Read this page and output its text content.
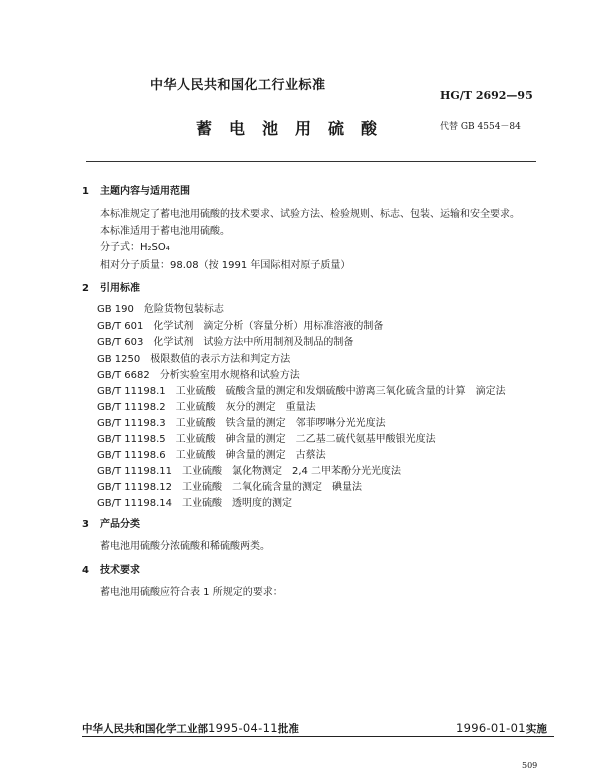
中华人民共和国化工行业标准
HG/T 2692—95
蓄电池用硫酸	代替 GB 4554－84
1 主题内容与适用范围
本标准规定了蓄电池用硫酸的技术要求、试验方法、检验规则、标志、包装、运输和安全要求。
本标准适用于蓄电池用硫酸。
分子式：H₂SO₄
相对分子质量：98.08（按 1991 年国际相对原子质量）
2 引用标准
GB 190　危险货物包装标志
GB/T 601　化学试剂　滴定分析（容量分析）用标准溶液的制备
GB/T 603　化学试剂　试验方法中所用制剂及制品的制备
GB 1250　极限数值的表示方法和判定方法
GB/T 6682　分析实验室用水规格和试验方法
GB/T 11198.1　工业硫酸　硫酸含量的测定和发烟硫酸中游离三氧化硫含量的计算　滴定法
GB/T 11198.2　工业硫酸　灰分的测定　重量法
GB/T 11198.3　工业硫酸　铁含量的测定　邻菲啰啉分光光度法
GB/T 11198.5　工业硫酸　砷含量的测定　二乙基二硫代氨基甲酸银光度法
GB/T 11198.6　工业硫酸　砷含量的测定　古蔡法
GB/T 11198.11　工业硫酸　氯化物测定　2,4 二甲苯酚分光光度法
GB/T 11198.12　工业硫酸　二氧化硫含量的测定　碘量法
GB/T 11198.14　工业硫酸　透明度的测定
3 产品分类
蓄电池用硫酸分浓硫酸和稀硫酸两类。
4 技术要求
蓄电池用硫酸应符合表 1 所规定的要求：
中华人民共和国化学工业部1995-04-11批准	1996-01-01实施
509
